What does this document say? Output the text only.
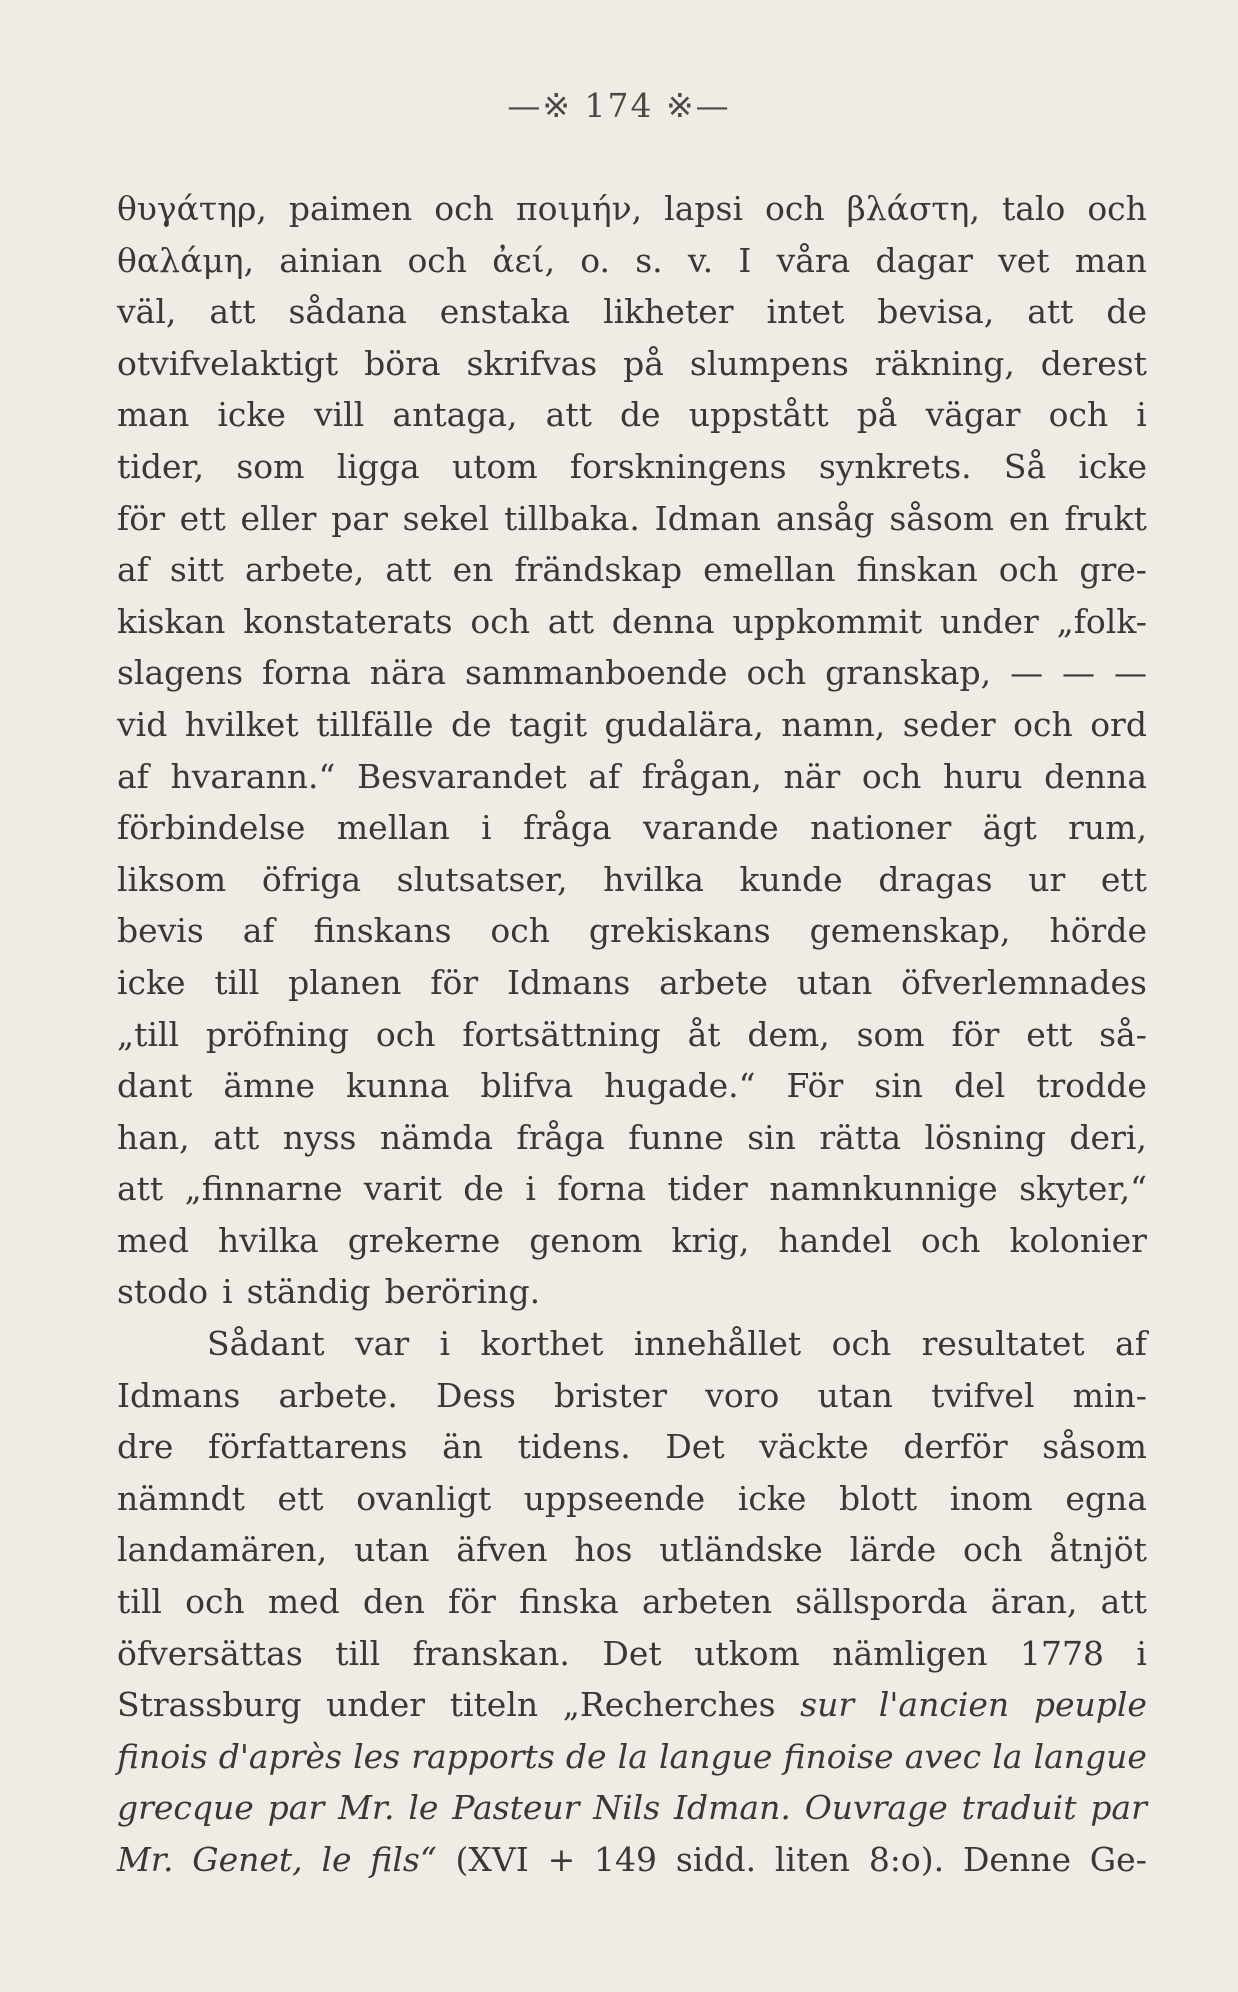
—※ 174 ※—
θυγάτηρ, paimen och ποιμήν, lapsi och βλάστη, talo och
θαλάμη, ainian och ἀεί, o. s. v. I våra dagar vet man
väl, att sådana enstaka likheter intet bevisa, att de
otvifvelaktigt böra skrifvas på slumpens räkning, derest
man icke vill antaga, att de uppstått på vägar och i
tider, som ligga utom forskningens synkrets. Så icke
för ett eller par sekel tillbaka. Idman ansåg såsom en frukt
af sitt arbete, att en frändskap emellan finskan och gre-
kiskan konstaterats och att denna uppkommit under „folk-
slagens forna nära sammanboende och granskap, — — —
vid hvilket tillfälle de tagit gudalära, namn, seder och ord
af hvarann.“ Besvarandet af frågan, när och huru denna
förbindelse mellan i fråga varande nationer ägt rum,
liksom öfriga slutsatser, hvilka kunde dragas ur ett
bevis af finskans och grekiskans gemenskap, hörde
icke till planen för Idmans arbete utan öfverlemnades
„till pröfning och fortsättning åt dem, som för ett så-
dant ämne kunna blifva hugade.“ För sin del trodde
han, att nyss nämda fråga funne sin rätta lösning deri,
att „finnarne varit de i forna tider namnkunnige skyter,“
med hvilka grekerne genom krig, handel och kolonier
stodo i ständig beröring.
Sådant var i korthet innehållet och resultatet af
Idmans arbete. Dess brister voro utan tvifvel min-
dre författarens än tidens. Det väckte derför såsom
nämndt ett ovanligt uppseende icke blott inom egna
landamären, utan äfven hos utländske lärde och åtnjöt
till och med den för finska arbeten sällsporda äran, att
öfversättas till franskan. Det utkom nämligen 1778 i
Strassburg under titeln „Recherches sur l'ancien peuple
finois d'après les rapports de la langue finoise avec la langue
grecque par Mr. le Pasteur Nils Idman. Ouvrage traduit par
Mr. Genet, le fils“ (XVI + 149 sidd. liten 8:o). Denne Ge-
